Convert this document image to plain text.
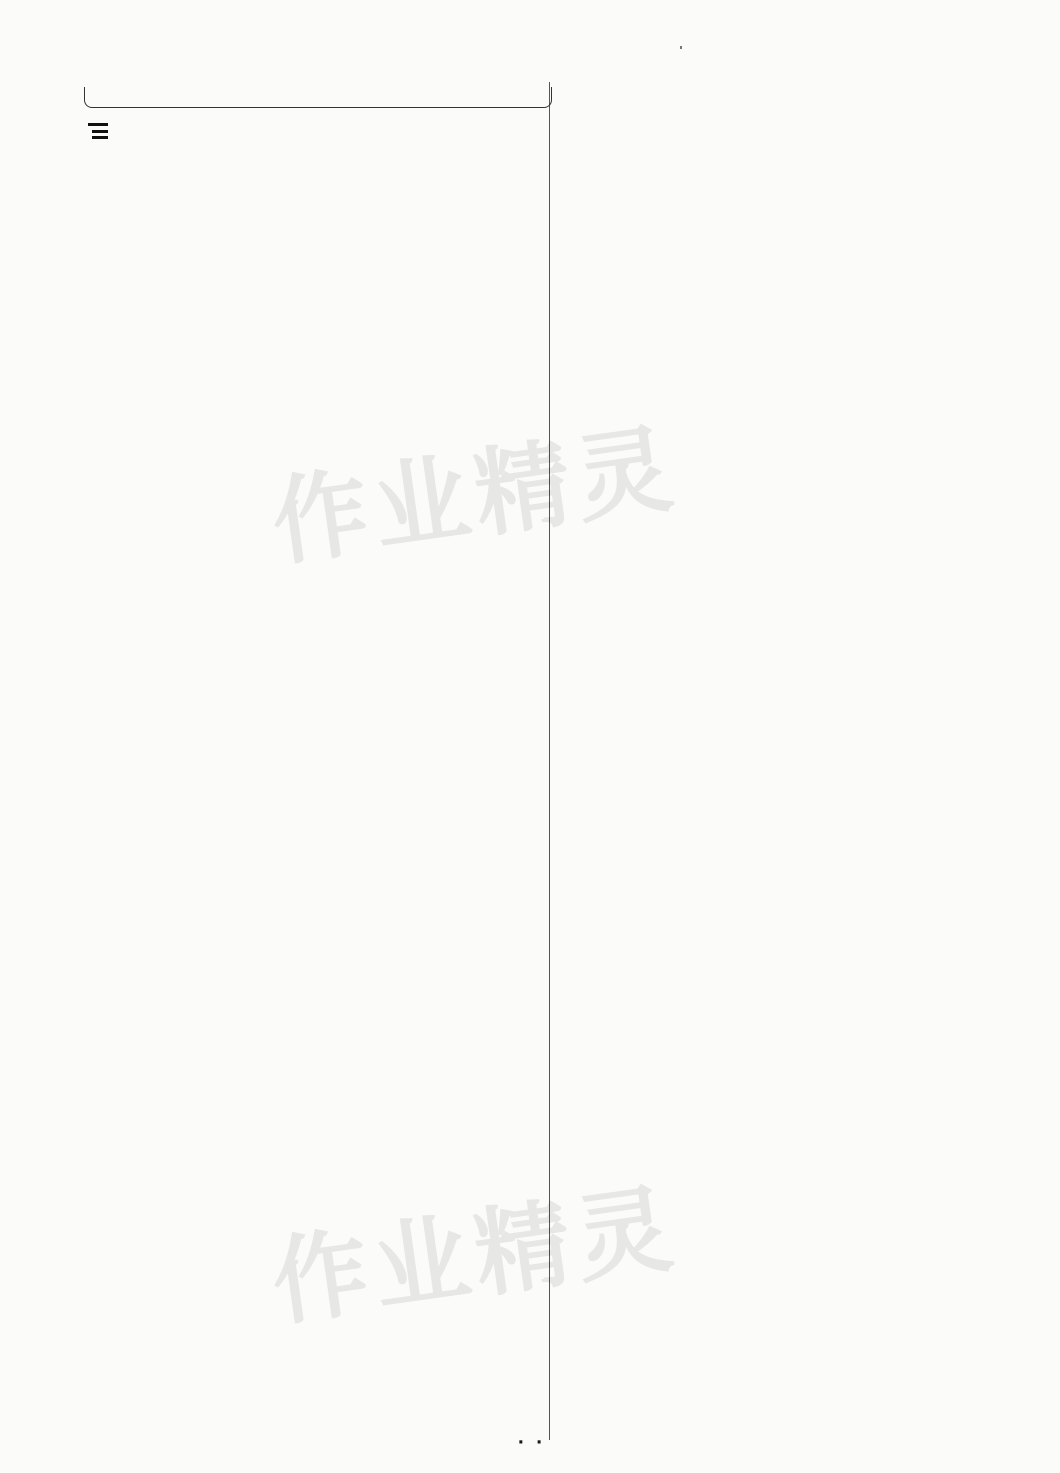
作业精灵
作业精灵

·  ·
